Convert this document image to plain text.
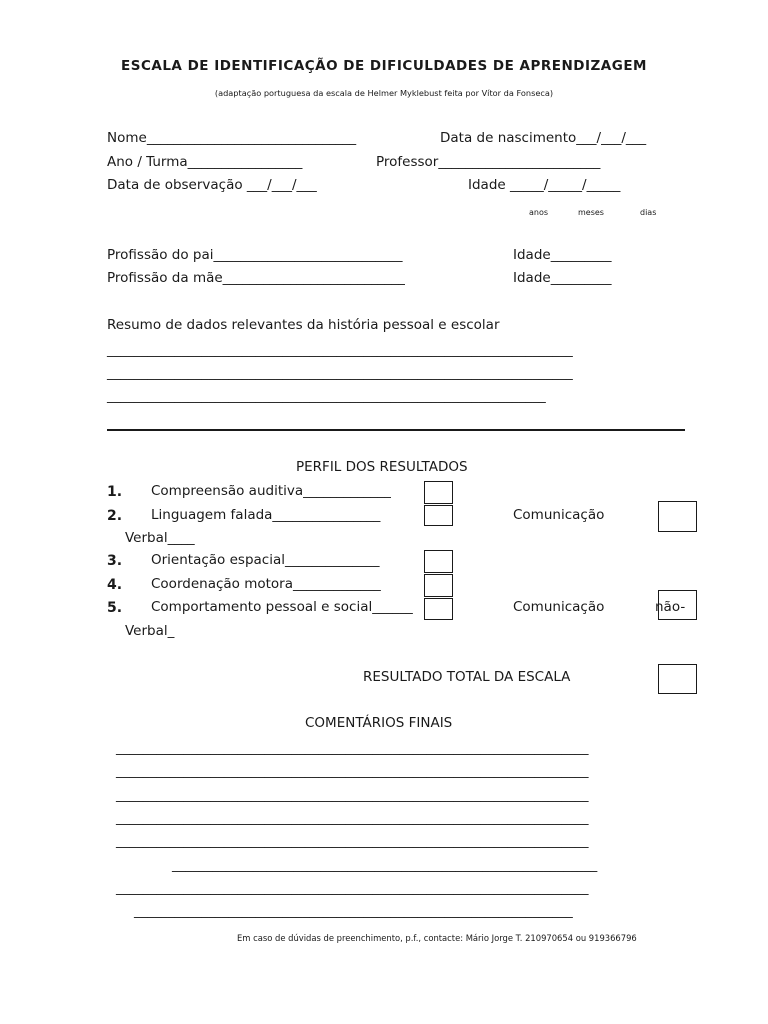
ESCALA DE IDENTIFICAÇÃO DE DIFICULDADES DE APRENDIZAGEM
(adaptação portuguesa da escala de Helmer Myklebust feita por Vítor da Fonseca)
Nome_______________________________	Data de nascimento___/___/___
Ano / Turma_________________	Professor________________________
Data de observação ___/___/___	Idade _____/_____/_____
anos	meses	dias
Profissão do pai____________________________	Idade_________
Profissão da mãe___________________________	Idade_________
Resumo de dados relevantes da história pessoal e escolar
_____________________________________________________________________
_____________________________________________________________________
_________________________________________________________________
PERFIL DOS RESULTADOS
1. Compreensão auditiva_____________
2. Linguagem falada________________	Comunicação
Verbal____
3. Orientação espacial______________
4. Coordenação motora_____________
5. Comportamento pessoal e social______	Comunicação	não-
Verbal_
RESULTADO TOTAL DA ESCALA
COMENTÁRIOS FINAIS
______________________________________________________________________
______________________________________________________________________
______________________________________________________________________
______________________________________________________________________
______________________________________________________________________
_______________________________________________________________
______________________________________________________________________
_________________________________________________________________
Em caso de dúvidas de preenchimento, p.f., contacte: Mário Jorge T. 210970654 ou 919366796
